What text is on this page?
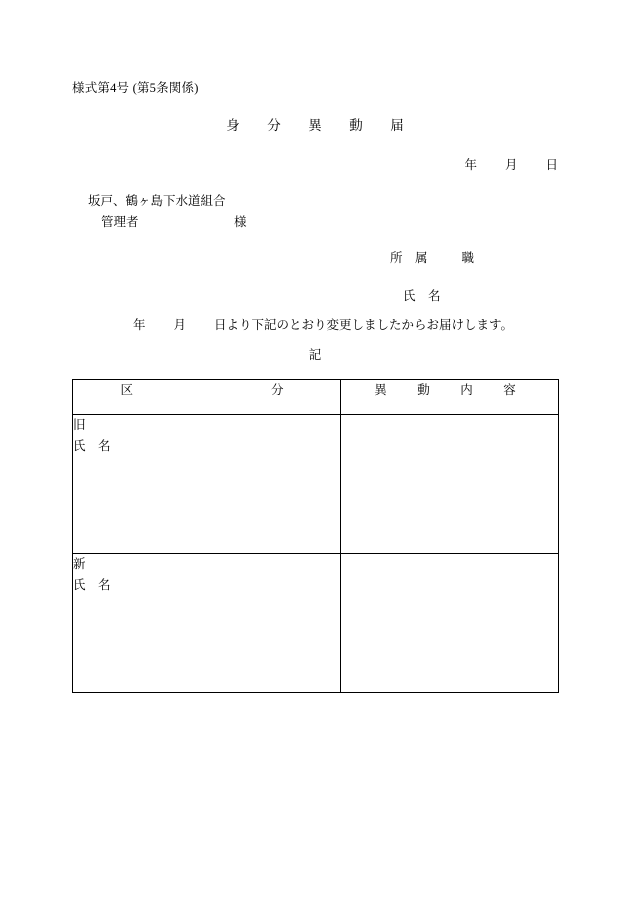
様式第4号 (第5条関係)
身　分　異　動　届
年 月 日
坂戸、鶴ヶ島下水道組合
管理者	様
所　属	職
氏　名
年 月 日より下記のとおり変更しましたからお届けします。
記
区　　　　　　分	異　動　内　容

旧
氏　名	

新
氏　名	
